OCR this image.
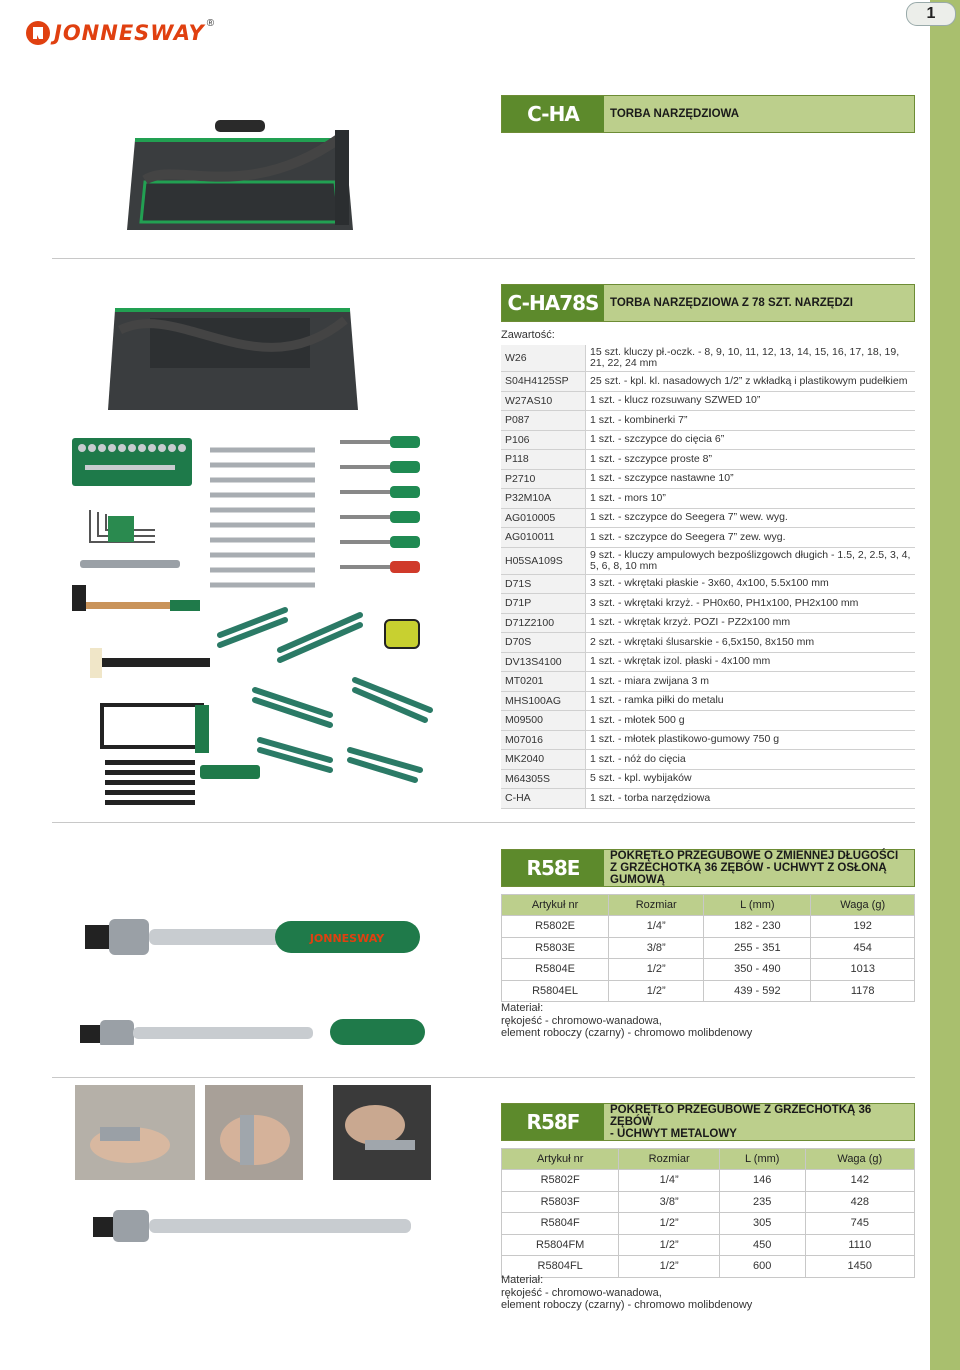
1
JONNESWAY ®
C-HA	TORBA NARZĘDZIOWA
C-HA78S	TORBA NARZĘDZIOWA Z 78 SZT. NARZĘDZI
Zawartość:
W26	15 szt. kluczy pł.-oczk. - 8, 9, 10, 11, 12, 13, 14, 15, 16, 17, 18, 19, 21, 22, 24 mm
S04H4125SP	25 szt. - kpl. kl. nasadowych 1/2” z wkładką i plastikowym pudełkiem
W27AS10	1 szt. - klucz rozsuwany SZWED 10”
P087	1 szt. - kombinerki 7”
P106	1 szt. - szczypce do cięcia 6”
P118	1 szt. - szczypce proste 8”
P2710	1 szt. - szczypce nastawne 10”
P32M10A	1 szt. - mors 10”
AG010005	1 szt. - szczypce do Seegera 7” wew. wyg.
AG010011	1 szt. - szczypce do Seegera 7” zew. wyg.
H05SA109S	9 szt. - kluczy ampulowych bezpoślizgowch długich - 1.5, 2, 2.5, 3, 4, 5, 6, 8, 10 mm
D71S	3 szt. - wkrętaki płaskie - 3x60, 4x100, 5.5x100 mm
D71P	3 szt. - wkrętaki krzyż. - PH0x60, PH1x100, PH2x100 mm
D71Z2100	1 szt. - wkrętak krzyż. POZI - PZ2x100 mm
D70S	2 szt. - wkrętaki ślusarskie - 6,5x150, 8x150 mm
DV13S4100	1 szt. - wkrętak izol. płaski - 4x100 mm
MT0201	1 szt. - miara zwijana 3 m
MHS100AG	1 szt. - ramka piłki do metalu
M09500	1 szt. - młotek 500 g
M07016	1 szt. - młotek plastikowo-gumowy 750 g
MK2040	1 szt. - nóż do cięcia
M64305S	5 szt. - kpl. wybijaków
C-HA	1 szt. - torba narzędziowa
JONNESWAY
R58E	POKRĘTŁO PRZEGUBOWE O ZMIENNEJ DŁUGOŚCI
Z GRZECHOTKĄ 36 ZĘBÓW - UCHWYT Z OSŁONĄ GUMOWĄ
Artykuł nr	Rozmiar	L (mm)	Waga (g)
R5802E	1/4”	182 - 230	192
R5803E	3/8”	255 - 351	454
R5804E	1/2”	350 - 490	1013
R5804EL	1/2”	439 - 592	1178
Materiał:
rękojeść - chromowo-wanadowa,
element roboczy (czarny) - chromowo molibdenowy
R58F	POKRĘTŁO PRZEGUBOWE Z GRZECHOTKĄ 36 ZĘBÓW
- UCHWYT METALOWY
Artykuł nr	Rozmiar	L (mm)	Waga (g)
R5802F	1/4”	146	142
R5803F	3/8”	235	428
R5804F	1/2”	305	745
R5804FM	1/2”	450	1110
R5804FL	1/2”	600	1450
Materiał:
rękojeść - chromowo-wanadowa,
element roboczy (czarny) - chromowo molibdenowy
